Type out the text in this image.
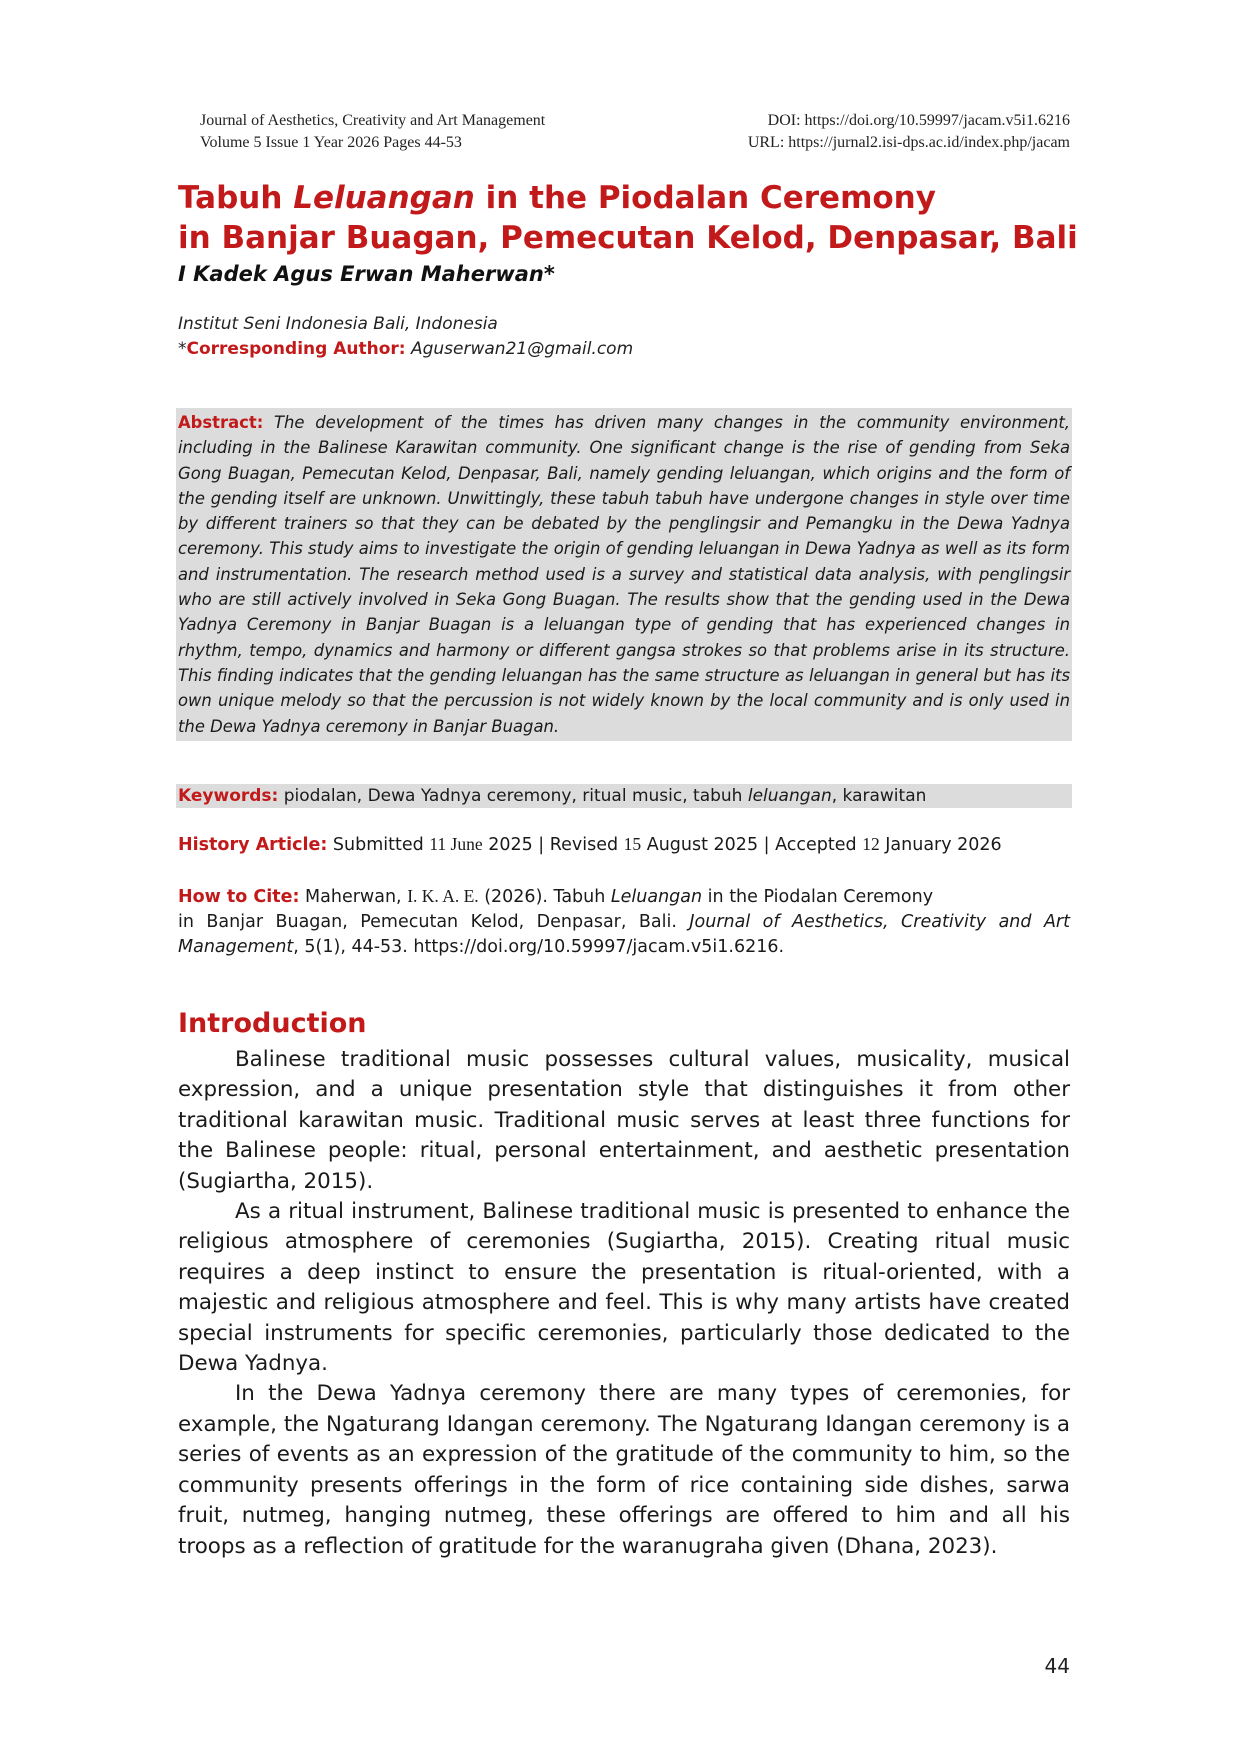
Journal of Aesthetics, Creativity and Art Management
Volume 5 Issue 1 Year 2026 Pages 44-53
DOI: https://doi.org/10.59997/jacam.v5i1.6216
URL: https://jurnal2.isi-dps.ac.id/index.php/jacam
Tabuh Leluangan in the Piodalan Ceremony
in Banjar Buagan, Pemecutan Kelod, Denpasar, Bali
I Kadek Agus Erwan Maherwan*
Institut Seni Indonesia Bali, Indonesia
*Corresponding Author: Aguserwan21@gmail.com
Abstract: The development of the times has driven many changes in the community environment, including in the Balinese Karawitan community. One significant change is the rise of gending from Seka Gong Buagan, Pemecutan Kelod, Denpasar, Bali, namely gending leluangan, which origins and the form of the gending itself are unknown. Unwittingly, these tabuh tabuh have undergone changes in style over time by different trainers so that they can be debated by the penglingsir and Pemangku in the Dewa Yadnya ceremony. This study aims to investigate the origin of gending leluangan in Dewa Yadnya as well as its form and instrumentation. The research method used is a survey and statistical data analysis, with penglingsir who are still actively involved in Seka Gong Buagan. The results show that the gending used in the Dewa Yadnya Ceremony in Banjar Buagan is a leluangan type of gending that has experienced changes in rhythm, tempo, dynamics and harmony or different gangsa strokes so that problems arise in its structure. This finding indicates that the gending leluangan has the same structure as leluangan in general but has its own unique melody so that the percussion is not widely known by the local community and is only used in the Dewa Yadnya ceremony in Banjar Buagan.
Keywords: piodalan, Dewa Yadnya ceremony, ritual music, tabuh leluangan, karawitan
History Article: Submitted 11 June 2025 | Revised 15 August 2025 | Accepted 12 January 2026
How to Cite: Maherwan, I. K. A. E. (2026). Tabuh Leluangan in the Piodalan Ceremony
in Banjar Buagan, Pemecutan Kelod, Denpasar, Bali. Journal of Aesthetics, Creativity and Art
Management, 5(1), 44-53. https://doi.org/10.59997/jacam.v5i1.6216.
Introduction

Balinese traditional music possesses cultural values, musicality, musical expression, and a unique presentation style that distinguishes it from other traditional karawitan music. Traditional music serves at least three functions for the Balinese people: ritual, personal entertainment, and aesthetic presentation (Sugiartha, 2015).

As a ritual instrument, Balinese traditional music is presented to enhance the religious atmosphere of ceremonies (Sugiartha, 2015). Creating ritual music requires a deep instinct to ensure the presentation is ritual-oriented, with a majestic and religious atmosphere and feel. This is why many artists have created special instruments for specific ceremonies, particularly those dedicated to the Dewa Yadnya.

In the Dewa Yadnya ceremony there are many types of ceremonies, for example, the Ngaturang Idangan ceremony. The Ngaturang Idangan ceremony is a series of events as an expression of the gratitude of the community to him, so the community presents offerings in the form of rice containing side dishes, sarwa fruit, nutmeg, hanging nutmeg, these offerings are offered to him and all his troops as a reflection of gratitude for the waranugraha given (Dhana, 2023).

44
